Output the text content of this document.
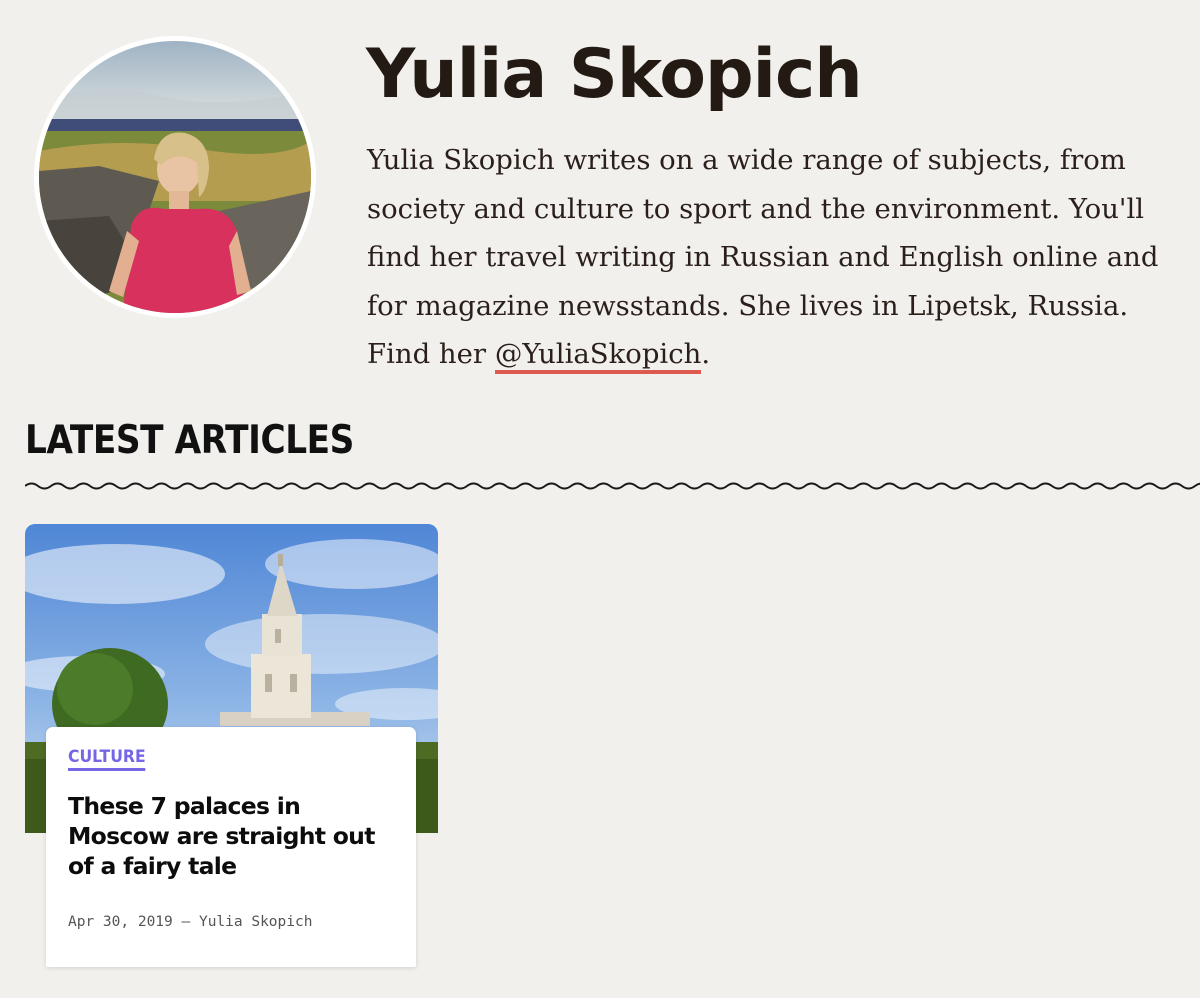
Yulia Skopich

Yulia Skopich writes on a wide range of subjects, from society and culture to sport and the environment. You'll find her travel writing in Russian and English online and for magazine newsstands. She lives in Lipetsk, Russia. Find her @YuliaSkopich.

LATEST ARTICLES
CULTURE
These 7 palaces in Moscow are straight out of a fairy tale

Apr 30, 2019 — Yulia Skopich
